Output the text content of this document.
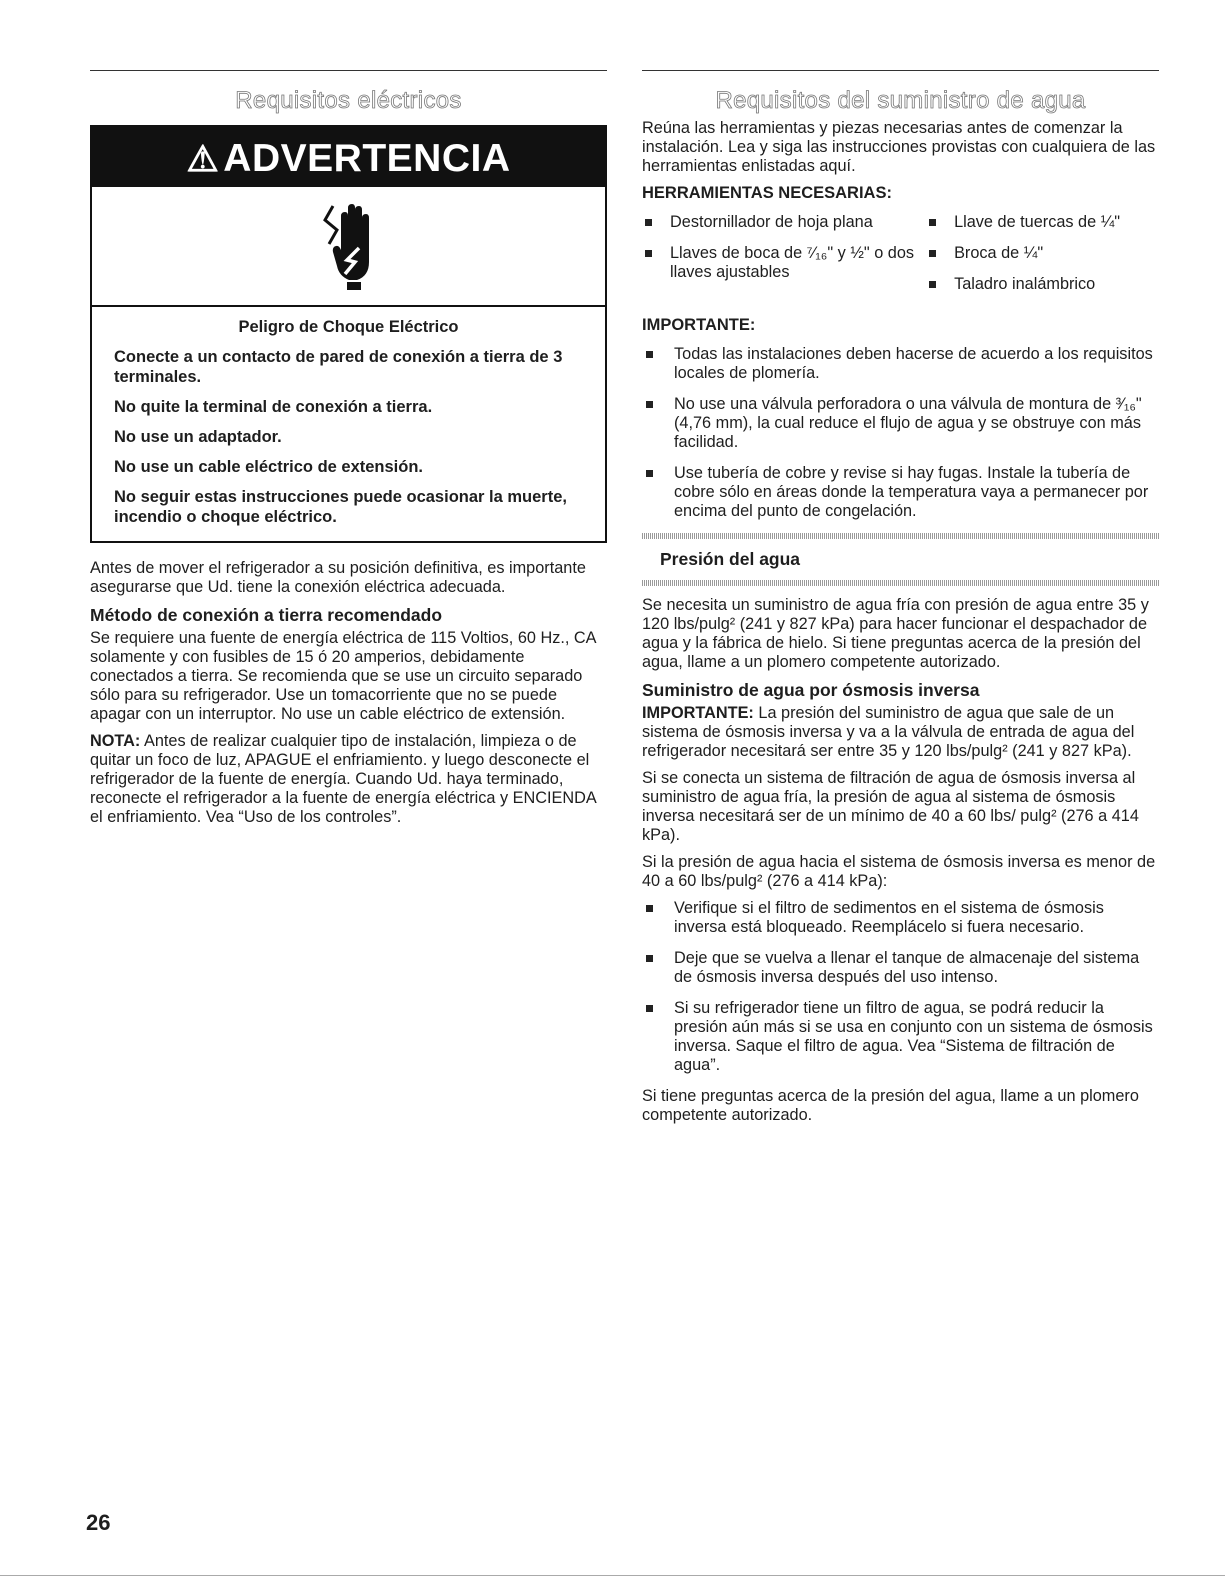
Requisitos eléctricos
⚠ ADVERTENCIA

Peligro de Choque Eléctrico

Conecte a un contacto de pared de conexión a tierra de 3 terminales.

No quite la terminal de conexión a tierra.

No use un adaptador.

No use un cable eléctrico de extensión.

No seguir estas instrucciones puede ocasionar la muerte, incendio o choque eléctrico.

Antes de mover el refrigerador a su posición definitiva, es importante asegurarse que Ud. tiene la conexión eléctrica adecuada.

Método de conexión a tierra recomendado

Se requiere una fuente de energía eléctrica de 115 Voltios, 60 Hz., CA solamente y con fusibles de 15 ó 20 amperios, debidamente conectados a tierra. Se recomienda que se use un circuito separado sólo para su refrigerador. Use un tomacorriente que no se puede apagar con un interruptor. No use un cable eléctrico de extensión.

NOTA: Antes de realizar cualquier tipo de instalación, limpieza o de quitar un foco de luz, APAGUE el enfriamiento. y luego desconecte el refrigerador de la fuente de energía. Cuando Ud. haya terminado, reconecte el refrigerador a la fuente de energía eléctrica y ENCIENDA el enfriamiento. Vea “Uso de los controles”.

Requisitos del suministro de agua

Reúna las herramientas y piezas necesarias antes de comenzar la instalación. Lea y siga las instrucciones provistas con cualquiera de las herramientas enlistadas aquí.

HERRAMIENTAS NECESARIAS:
Destornillador de hoja plana
Llaves de boca de ⁷⁄₁₆" y ½" o dos llaves ajustables
Llave de tuercas de ¼"
Broca de ¼"
Taladro inalámbrico
IMPORTANTE:
Todas las instalaciones deben hacerse de acuerdo a los requisitos locales de plomería.
No use una válvula perforadora o una válvula de montura de ³⁄₁₆" (4,76 mm), la cual reduce el flujo de agua y se obstruye con más facilidad.
Use tubería de cobre y revise si hay fugas. Instale la tubería de cobre sólo en áreas donde la temperatura vaya a permanecer por encima del punto de congelación.
Presión del agua

Se necesita un suministro de agua fría con presión de agua entre 35 y 120 lbs/pulg² (241 y 827 kPa) para hacer funcionar el despachador de agua y la fábrica de hielo. Si tiene preguntas acerca de la presión del agua, llame a un plomero competente autorizado.

Suministro de agua por ósmosis inversa

IMPORTANTE: La presión del suministro de agua que sale de un sistema de ósmosis inversa y va a la válvula de entrada de agua del refrigerador necesitará ser entre 35 y 120 lbs/pulg² (241 y 827 kPa).

Si se conecta un sistema de filtración de agua de ósmosis inversa al suministro de agua fría, la presión de agua al sistema de ósmosis inversa necesitará ser de un mínimo de 40 a 60 lbs/ pulg² (276 a 414 kPa).

Si la presión de agua hacia el sistema de ósmosis inversa es menor de 40 a 60 lbs/pulg² (276 a 414 kPa):

Verifique si el filtro de sedimentos en el sistema de ósmosis inversa está bloqueado. Reemplácelo si fuera necesario.
Deje que se vuelva a llenar el tanque de almacenaje del sistema de ósmosis inversa después del uso intenso.
Si su refrigerador tiene un filtro de agua, se podrá reducir la presión aún más si se usa en conjunto con un sistema de ósmosis inversa. Saque el filtro de agua. Vea “Sistema de filtración de agua”.

Si tiene preguntas acerca de la presión del agua, llame a un plomero competente autorizado.

26
